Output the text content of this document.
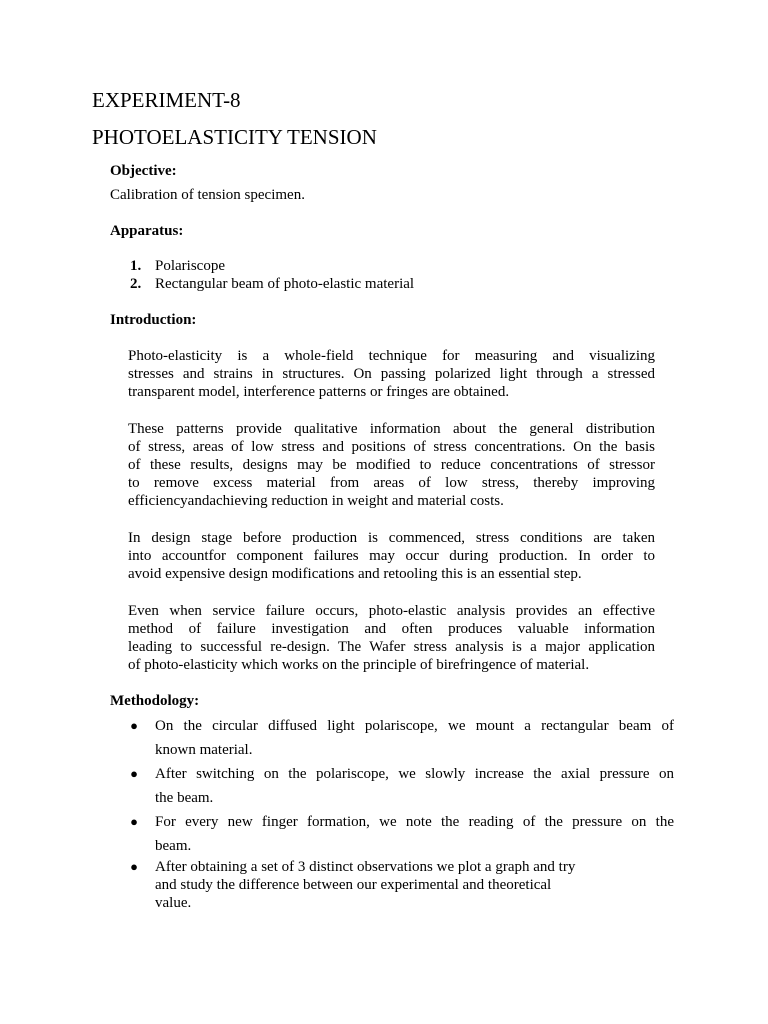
EXPERIMENT-8
PHOTOELASTICITY TENSION
Objective:
Calibration of tension specimen.
Apparatus:
1. Polariscope
2. Rectangular beam of photo-elastic material
Introduction:
Photo-elasticity is a whole-field technique for measuring and visualizing
stresses and strains in structures. On passing polarized light through a stressed
transparent model, interference patterns or fringes are obtained.
These patterns provide qualitative information about the general distribution
of stress, areas of low stress and positions of stress concentrations. On the basis
of these results, designs may be modified to reduce concentrations of stressor
to remove excess material from areas of low stress, thereby improving
efficiencyandachieving reduction in weight and material costs.
In design stage before production is commenced, stress conditions are taken
into accountfor component failures may occur during production. In order to
avoid expensive design modifications and retooling this is an essential step.
Even when service failure occurs, photo-elastic analysis provides an effective
method of failure investigation and often produces valuable information
leading to successful re-design. The Wafer stress analysis is a major application
of photo-elasticity which works on the principle of birefringence of material.
Methodology:
● On the circular diffused light polariscope, we mount a rectangular beam of
known material.
● After switching on the polariscope, we slowly increase the axial pressure on
the beam.
● For every new finger formation, we note the reading of the pressure on the
beam.
● After obtaining a set of 3 distinct observations we plot a graph and try
and study the difference between our experimental and theoretical
value.
